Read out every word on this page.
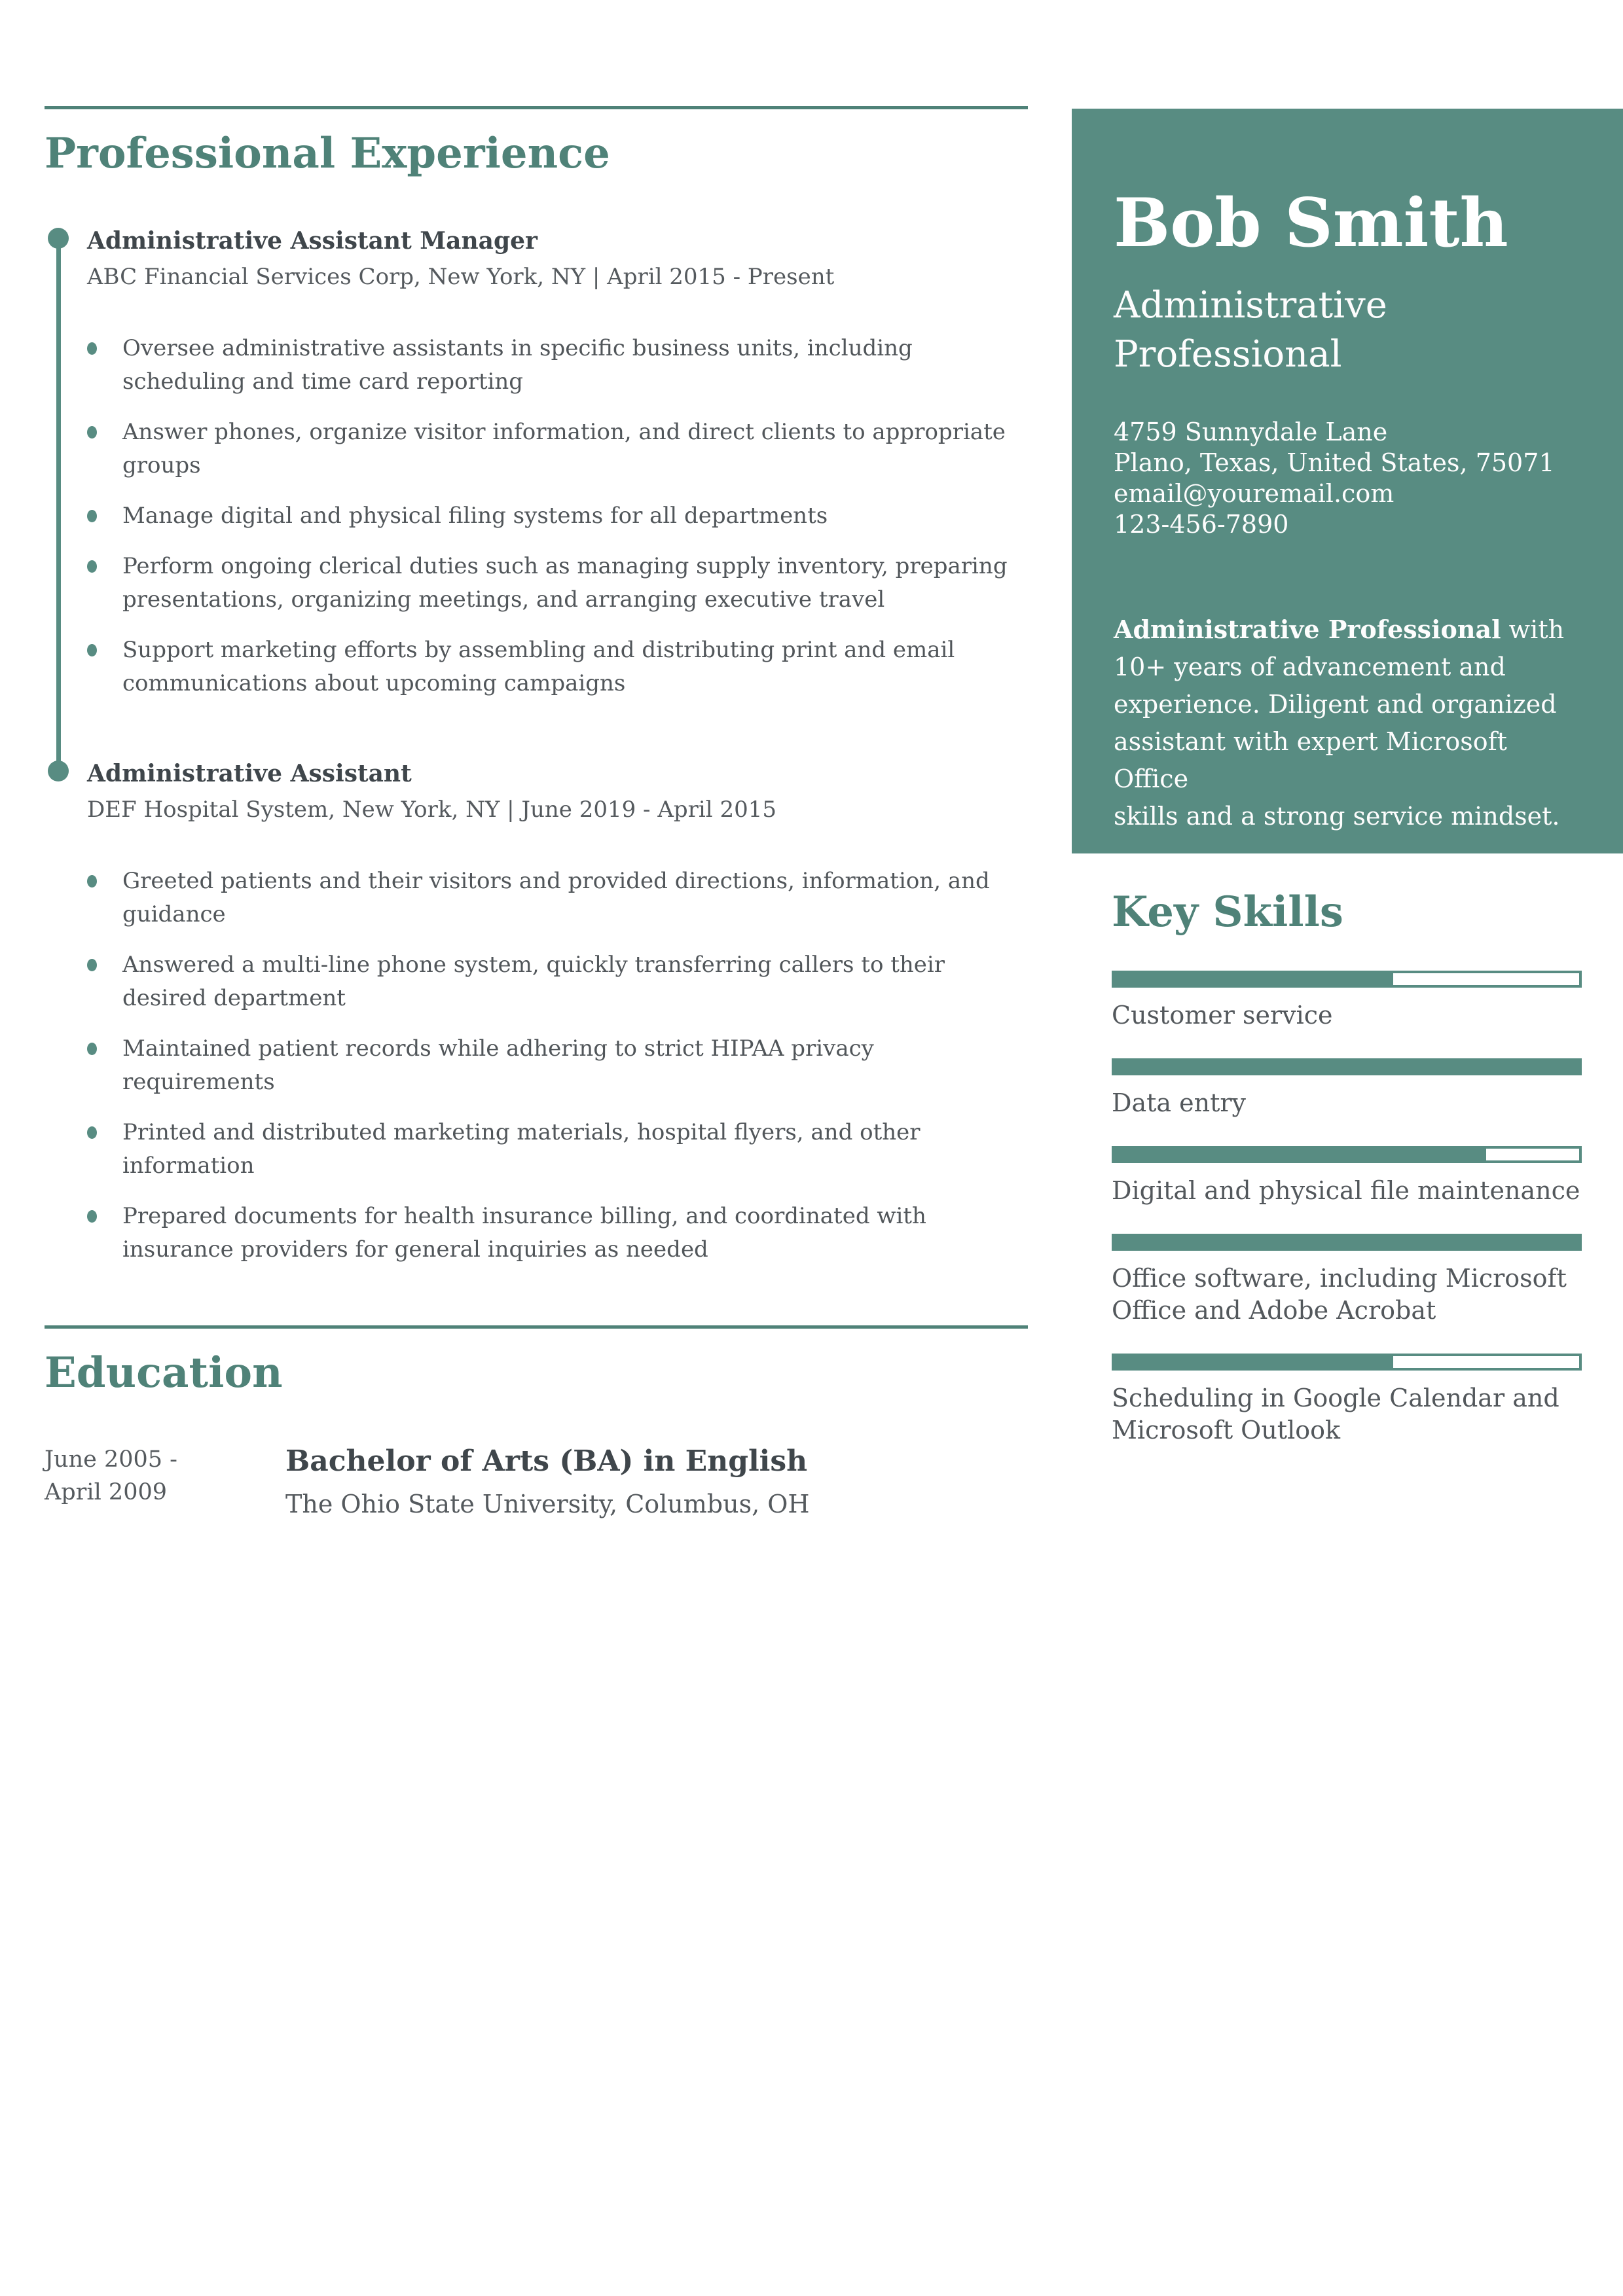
Professional Experience
Administrative Assistant Manager
ABC Financial Services Corp, New York, NY | April 2015 - Present
Oversee administrative assistants in specific business units, including scheduling and time card reporting
Answer phones, organize visitor information, and direct clients to appropriate groups
Manage digital and physical filing systems for all departments
Perform ongoing clerical duties such as managing supply inventory, preparing presentations, organizing meetings, and arranging executive travel
Support marketing efforts by assembling and distributing print and email communications about upcoming campaigns
Administrative Assistant
DEF Hospital System, New York, NY | June 2019 - April 2015
Greeted patients and their visitors and provided directions, information, and guidance
Answered a multi-line phone system, quickly transferring callers to their desired department
Maintained patient records while adhering to strict HIPAA privacy requirements
Printed and distributed marketing materials, hospital flyers, and other information
Prepared documents for health insurance billing, and coordinated with insurance providers for general inquiries as needed
Education
June 2005 - April 2009
Bachelor of Arts (BA) in English
The Ohio State University, Columbus, OH
Bob Smith
Administrative Professional
4759 Sunnydale Lane
Plano, Texas, United States, 75071
email@youremail.com
123-456-7890
Administrative Professional with
10+ years of advancement and
experience. Diligent and organized
assistant with expert Microsoft Office
skills and a strong service mindset.
Key Skills
Customer service
Data entry
Digital and physical file maintenance
Office software, including Microsoft Office and Adobe Acrobat
Scheduling in Google Calendar and Microsoft Outlook
